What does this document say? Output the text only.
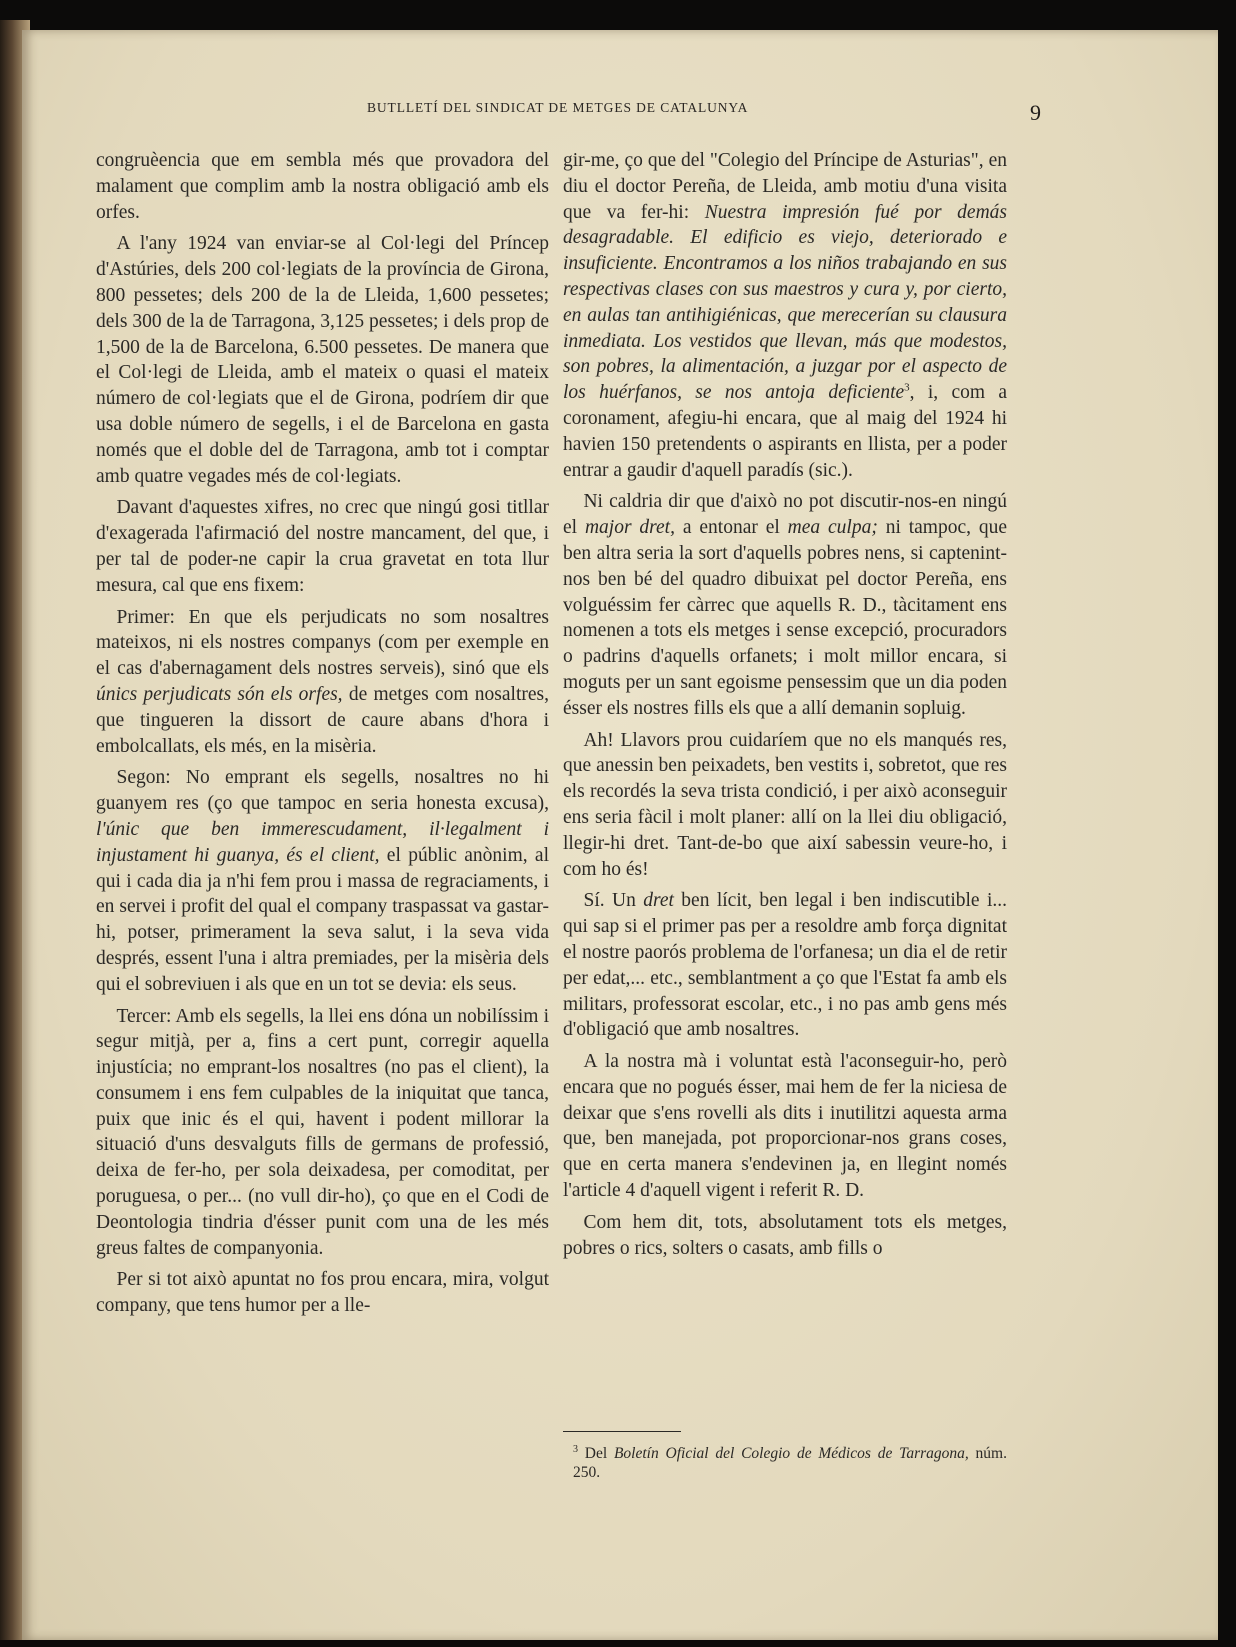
BUTLLETÍ DEL SINDICAT DE METGES DE CATALUNYA	9

congruèencia que em sembla més que provadora del malament que complim amb la nostra obligació amb els orfes.

A l'any 1924 van enviar-se al Col·legi del Príncep d'Astúries, dels 200 col·legiats de la província de Girona, 800 pessetes; dels 200 de la de Lleida, 1,600 pessetes; dels 300 de la de Tarragona, 3,125 pessetes; i dels prop de 1,500 de la de Barcelona, 6.500 pessetes. De manera que el Col·legi de Lleida, amb el mateix o quasi el mateix número de col·legiats que el de Girona, podríem dir que usa doble número de segells, i el de Barcelona en gasta només que el doble del de Tarragona, amb tot i comptar amb quatre vegades més de col·legiats.

Davant d'aquestes xifres, no crec que ningú gosi titllar d'exagerada l'afirmació del nostre mancament, del que, i per tal de poder-ne capir la crua gravetat en tota llur mesura, cal que ens fixem:

Primer: En que els perjudicats no som nosaltres mateixos, ni els nostres companys (com per exemple en el cas d'abernagament dels nostres serveis), sinó que els únics perjudicats són els orfes, de metges com nosaltres, que tingueren la dissort de caure abans d'hora i embolcallats, els més, en la misèria.

Segon: No emprant els segells, nosaltres no hi guanyem res (ço que tampoc en seria honesta excusa), l'únic que ben immerescudament, il·legalment i injustament hi guanya, és el client, el públic anònim, al qui i cada dia ja n'hi fem prou i massa de regraciaments, i en servei i profit del qual el company traspassat va gastar-hi, potser, primerament la seva salut, i la seva vida després, essent l'una i altra premiades, per la misèria dels qui el sobreviuen i als que en un tot se devia: els seus.

Tercer: Amb els segells, la llei ens dóna un nobilíssim i segur mitjà, per a, fins a cert punt, corregir aquella injustícia; no emprant-los nosaltres (no pas el client), la consumem i ens fem culpables de la iniquitat que tanca, puix que inic és el qui, havent i podent millorar la situació d'uns desvalguts fills de germans de professió, deixa de fer-ho, per sola deixadesa, per comoditat, per poruguesa, o per... (no vull dir-ho), ço que en el Codi de Deontologia tindria d'ésser punit com una de les més greus faltes de companyonia.

Per si tot això apuntat no fos prou encara, mira, volgut company, que tens humor per a lle-

gir-me, ço que del "Colegio del Príncipe de Asturias", en diu el doctor Pereña, de Lleida, amb motiu d'una visita que va fer-hi: Nuestra impresión fué por demás desagradable. El edificio es viejo, deteriorado e insuficiente. Encontramos a los niños trabajando en sus respectivas clases con sus maestros y cura y, por cierto, en aulas tan antihigiénicas, que merecerían su clausura inmediata. Los vestidos que llevan, más que modestos, son pobres, la alimentación, a juzgar por el aspecto de los huérfanos, se nos antoja deficiente$^3$, i, com a coronament, afegiu-hi encara, que al maig del 1924 hi havien 150 pretendents o aspirants en llista, per a poder entrar a gaudir d'aquell paradís (sic.).

Ni caldria dir que d'això no pot discutir-nos-en ningú el major dret, a entonar el mea culpa; ni tampoc, que ben altra seria la sort d'aquells pobres nens, si captenint-nos ben bé del quadro dibuixat pel doctor Pereña, ens volguéssim fer càrrec que aquells R. D., tàcitament ens nomenen a tots els metges i sense excepció, procuradors o padrins d'aquells orfanets; i molt millor encara, si moguts per un sant egoisme pensessim que un dia poden ésser els nostres fills els que a allí demanin sopluig.

Ah! Llavors prou cuidaríem que no els manqués res, que anessin ben peixadets, ben vestits i, sobretot, que res els recordés la seva trista condició, i per això aconseguir ens seria fàcil i molt planer: allí on la llei diu obligació, llegir-hi dret. Tant-de-bo que així sabessin veure-ho, i com ho és!

Sí. Un dret ben lícit, ben legal i ben indiscutible i... qui sap si el primer pas per a resoldre amb força dignitat el nostre paorós problema de l'orfanesa; un dia el de retir per edat,... etc., semblantment a ço que l'Estat fa amb els militars, professorat escolar, etc., i no pas amb gens més d'obligació que amb nosaltres.

A la nostra mà i voluntat està l'aconseguir-ho, però encara que no pogués ésser, mai hem de fer la niciesa de deixar que s'ens rovelli als dits i inutilitzi aquesta arma que, ben manejada, pot proporcionar-nos grans coses, que en certa manera s'endevinen ja, en llegint només l'article 4 d'aquell vigent i referit R. D.

Com hem dit, tots, absolutament tots els metges, pobres o rics, solters o casats, amb fills o

$^3$ Del Boletín Oficial del Colegio de Médicos de Tarragona, núm. 250.
